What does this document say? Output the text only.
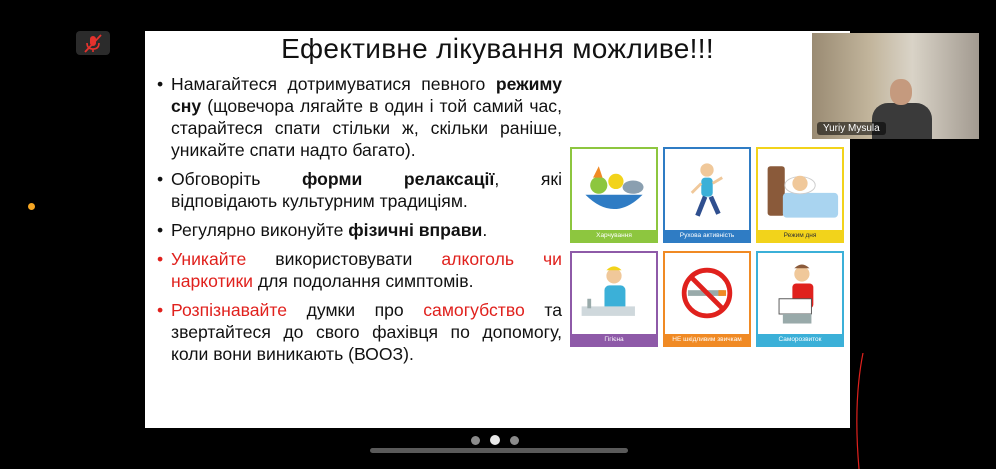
Ефективне лікування можливе!!!
• Намагайтеся дотримуватися певного режиму сну (щовечора лягайте в один і той самий час, старайтеся спати стільки ж, скільки раніше, уникайте спати надто багато).
• Обговоріть форми релаксації, які відповідають культурним традиціям.
• Регулярно виконуйте фізичні вправи.
• Уникайте використовувати алкоголь чи наркотики для подолання симптомів.
• Розпізнавайте думки про самогубство та звертайтеся до свого фахівця по допомогу, коли вони виникають (ВООЗ).
Харчування	Рухова активність	Режим дня
Гігієна	НЕ шкідливим звичкам	Саморозвиток
Yuriy Mysula
